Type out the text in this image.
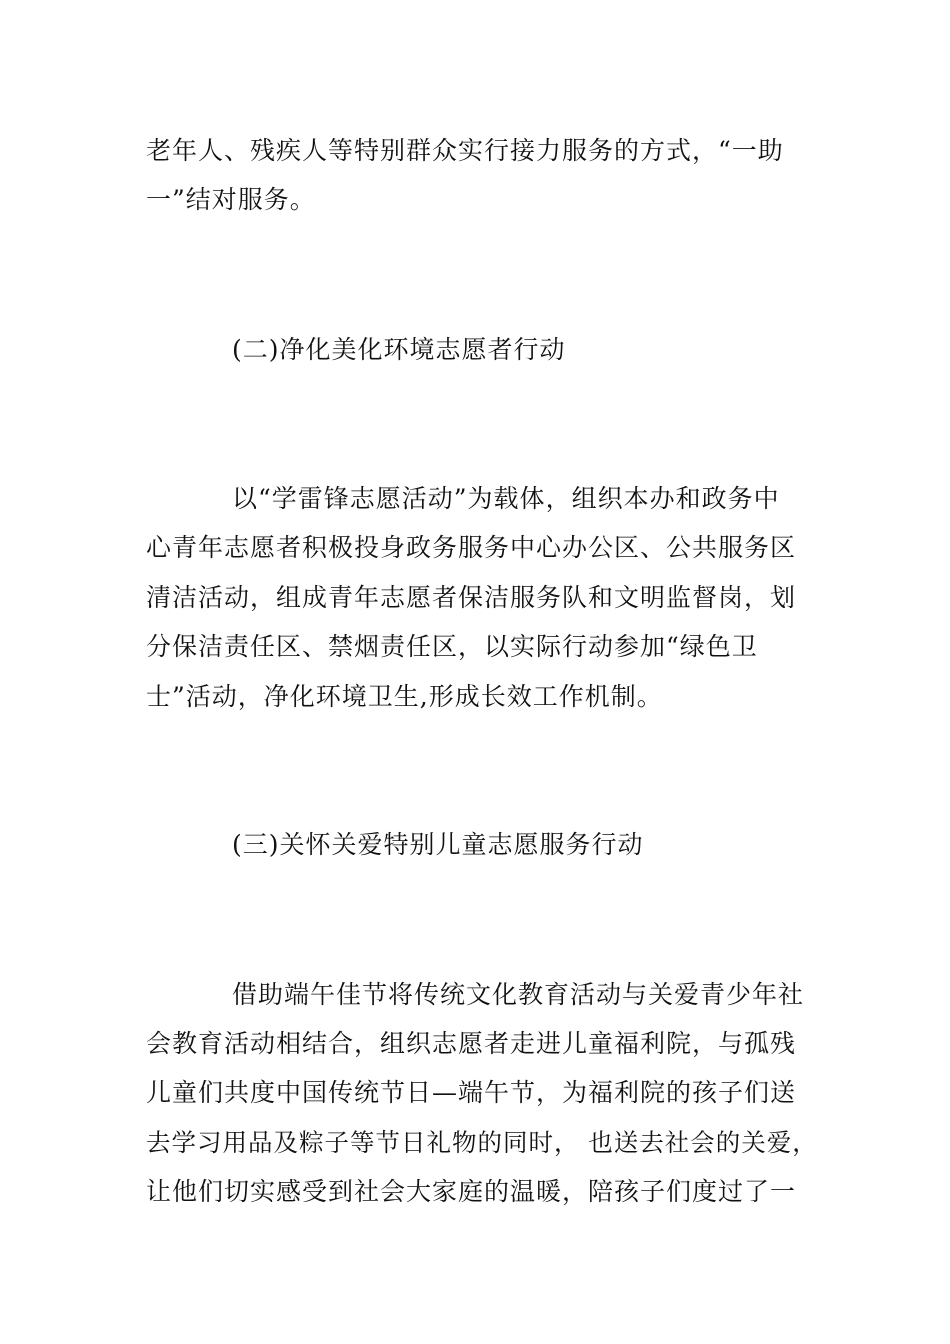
老年人、残疾人等特别群众实行接力服务的方式，“一助
一”结对服务。
(二)净化美化环境志愿者行动
以“学雷锋志愿活动”为载体，组织本办和政务中
心青年志愿者积极投身政务服务中心办公区、公共服务区
清洁活动，组成青年志愿者保洁服务队和文明监督岗，划
分保洁责任区、禁烟责任区，以实际行动参加“绿色卫
士”活动，净化环境卫生,形成长效工作机制。
(三)关怀关爱特别儿童志愿服务行动
借助端午佳节将传统文化教育活动与关爱青少年社
会教育活动相结合，组织志愿者走进儿童福利院，与孤残
儿童们共度中国传统节日—端午节，为福利院的孩子们送
去学习用品及粽子等节日礼物的同时， 也送去社会的关爱，
让他们切实感受到社会大家庭的温暖，陪孩子们度过了一
